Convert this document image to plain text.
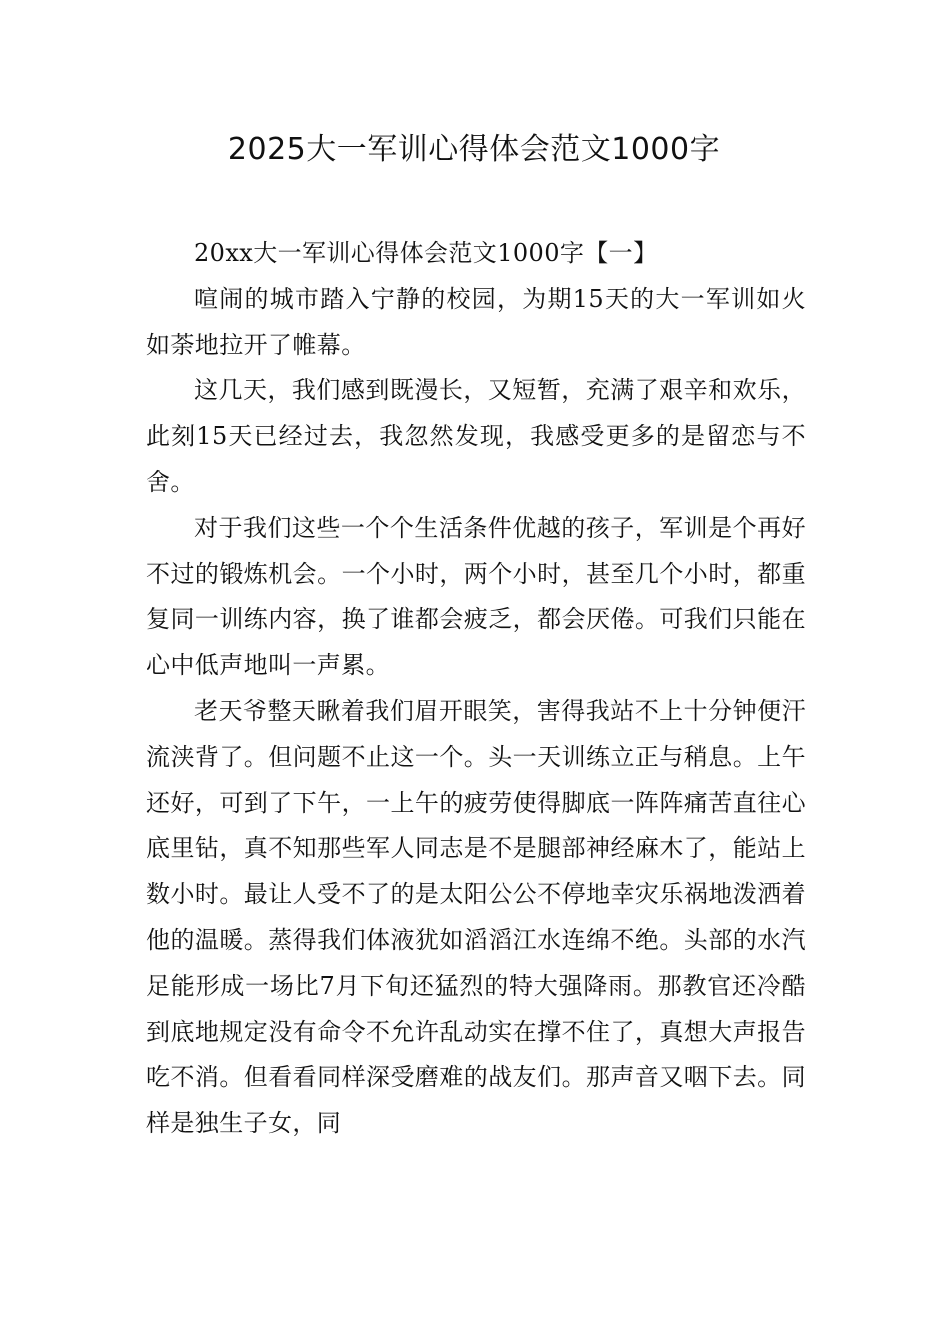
2025大一军训心得体会范文1000字

20xx大一军训心得体会范文1000字【一】

喧闹的城市踏入宁静的校园，为期15天的大一军训如火如荼地拉开了帷幕。

这几天，我们感到既漫长，又短暂，充满了艰辛和欢乐，此刻15天已经过去，我忽然发现，我感受更多的是留恋与不舍。

对于我们这些一个个生活条件优越的孩子，军训是个再好不过的锻炼机会。一个小时，两个小时，甚至几个小时，都重复同一训练内容，换了谁都会疲乏，都会厌倦。可我们只能在心中低声地叫一声累。

老天爷整天瞅着我们眉开眼笑，害得我站不上十分钟便汗流浃背了。但问题不止这一个。头一天训练立正与稍息。上午还好，可到了下午，一上午的疲劳使得脚底一阵阵痛苦直往心底里钻，真不知那些军人同志是不是腿部神经麻木了，能站上数小时。最让人受不了的是太阳公公不停地幸灾乐祸地泼洒着他的温暖。蒸得我们体液犹如滔滔江水连绵不绝。头部的水汽足能形成一场比7月下旬还猛烈的特大强降雨。那教官还冷酷到底地规定没有命令不允许乱动实在撑不住了，真想大声报告吃不消。但看看同样深受磨难的战友们。那声音又咽下去。同样是独生子女，同
